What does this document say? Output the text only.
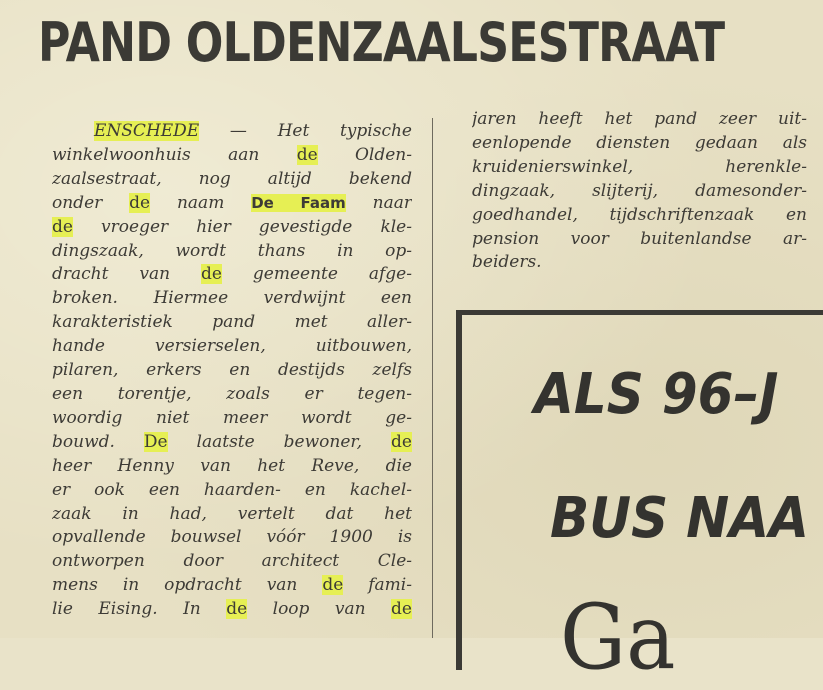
PAND OLDENZAALSESTRAAT
ENSCHEDE — Het typische
winkelwoonhuis aan de Olden-
zaalsestraat, nog altijd bekend
onder de naam De Faam naar
de vroeger hier gevestigde kle-
dingszaak, wordt thans in op-
dracht van de gemeente afge-
broken. Hiermee verdwijnt een
karakteristiek pand met aller-
hande versierselen, uitbouwen,
pilaren, erkers en destijds zelfs
een torentje, zoals er tegen-
woordig niet meer wordt ge-
bouwd. De laatste bewoner, de
heer Henny van het Reve, die
er ook een haarden- en kachel-
zaak in had, vertelt dat het
opvallende bouwsel vóór 1900 is
ontworpen door architect Cle-
mens in opdracht van de fami-
lie Eising. In de loop van de
jaren heeft het pand zeer uit-
eenlopende diensten gedaan als
kruidenierswinkel, herenkle-
dingzaak, slijterij, damesonder-
goedhandel, tijdschriftenzaak en
pension voor buitenlandse ar-
beiders.
ALS 96–J
BUS NAA
Ga
